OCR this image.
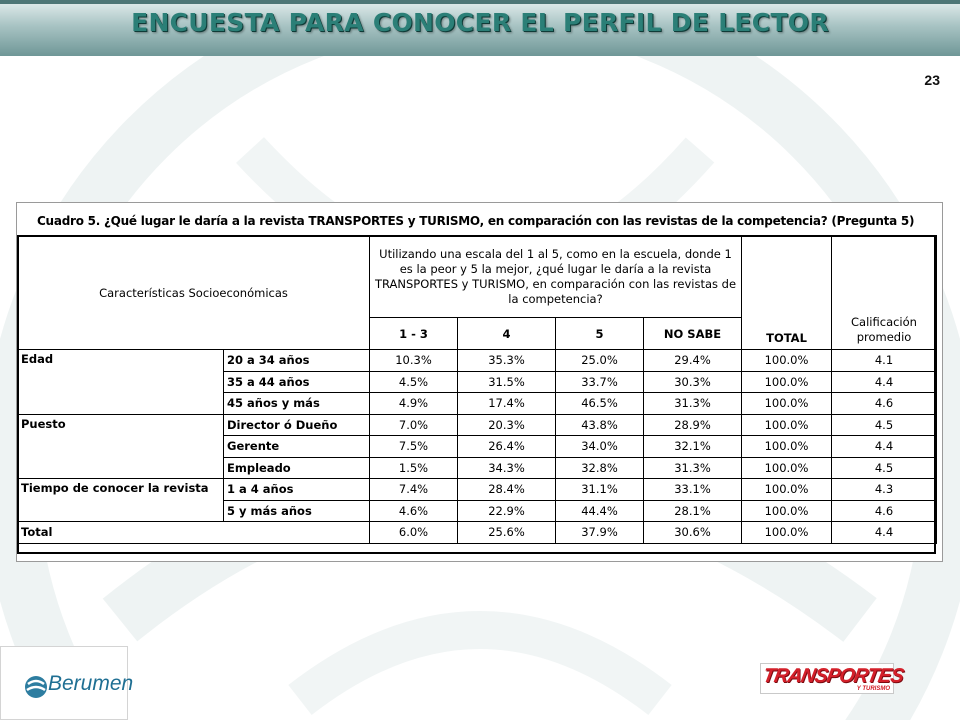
ENCUESTA PARA CONOCER EL PERFIL DE LECTOR
23
Cuadro 5. ¿Qué lugar le daría a la revista TRANSPORTES y TURISMO, en comparación con las revistas de la competencia? (Pregunta 5)
Características Socioeconómicas		Utilizando una escala del 1 al 5, como en la escuela, donde 1 es la peor y 5 la mejor, ¿qué lugar le daría a la revista TRANSPORTES y TURISMO, en comparación con las revistas de la competencia?				TOTAL	Calificación promedio
		1 - 3	4	5	NO SABE		
Edad	20 a 34 años	10.3%	35.3%	25.0%	29.4%	100.0%	4.1
	35 a 44 años	4.5%	31.5%	33.7%	30.3%	100.0%	4.4
	45 años y más	4.9%	17.4%	46.5%	31.3%	100.0%	4.6
Puesto	Director ó Dueño	7.0%	20.3%	43.8%	28.9%	100.0%	4.5
	Gerente	7.5%	26.4%	34.0%	32.1%	100.0%	4.4
	Empleado	1.5%	34.3%	32.8%	31.3%	100.0%	4.5
Tiempo de conocer la revista	1 a 4 años	7.4%	28.4%	31.1%	33.1%	100.0%	4.3
	5 y más años	4.6%	22.9%	44.4%	28.1%	100.0%	4.6
Total		6.0%	25.6%	37.9%	30.6%	100.0%	4.4
Berumen	TRANSPORTES
Y TURISMO
